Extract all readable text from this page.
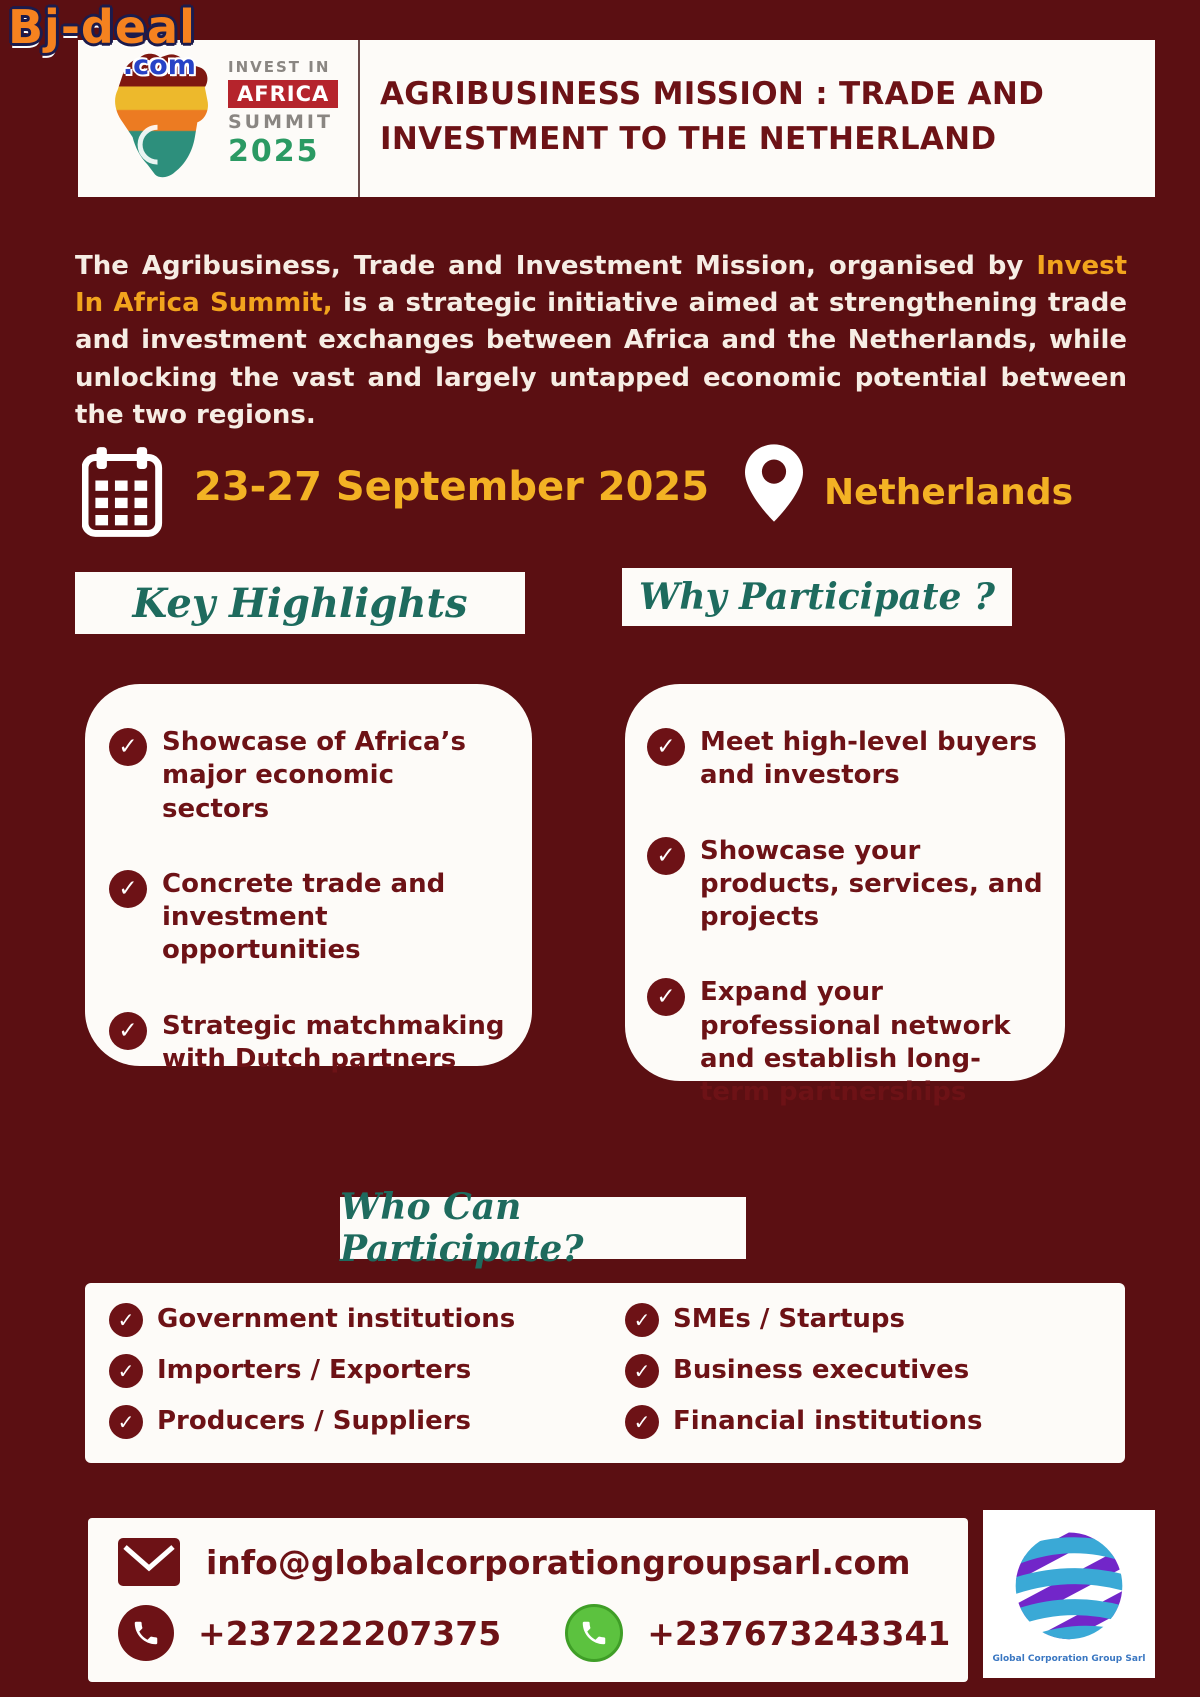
Bj-deal
.com INVEST IN
AFRICA
SUMMIT
2025
AGRIBUSINESS MISSION : TRADE AND
INVESTMENT TO THE NETHERLAND

The Agribusiness, Trade and Investment Mission, organised by Invest In Africa Summit, is a strategic initiative aimed at strengthening trade and investment exchanges between Africa and the Netherlands, while unlocking the vast and largely untapped economic potential between the two regions.

23-27 September 2025	Netherlands
Key Highlights	Why Participate ?
✓
Showcase of Africa’s major economic sectors
✓
Concrete trade and investment opportunities
✓
Strategic matchmaking with Dutch partners
✓
Meet high-level buyers and investors
✓
Showcase your products, services, and projects
✓
Expand your professional network and establish long-term partnerships
Who Can Participate?
✓
Government institutions
✓
Importers / Exporters
✓
Producers / Suppliers
✓
SMEs / Startups
✓
Business executives
✓
Financial institutions
info@globalcorporationgroupsarl.com
+237222207375	+237673243341
Global Corporation Group Sarl
